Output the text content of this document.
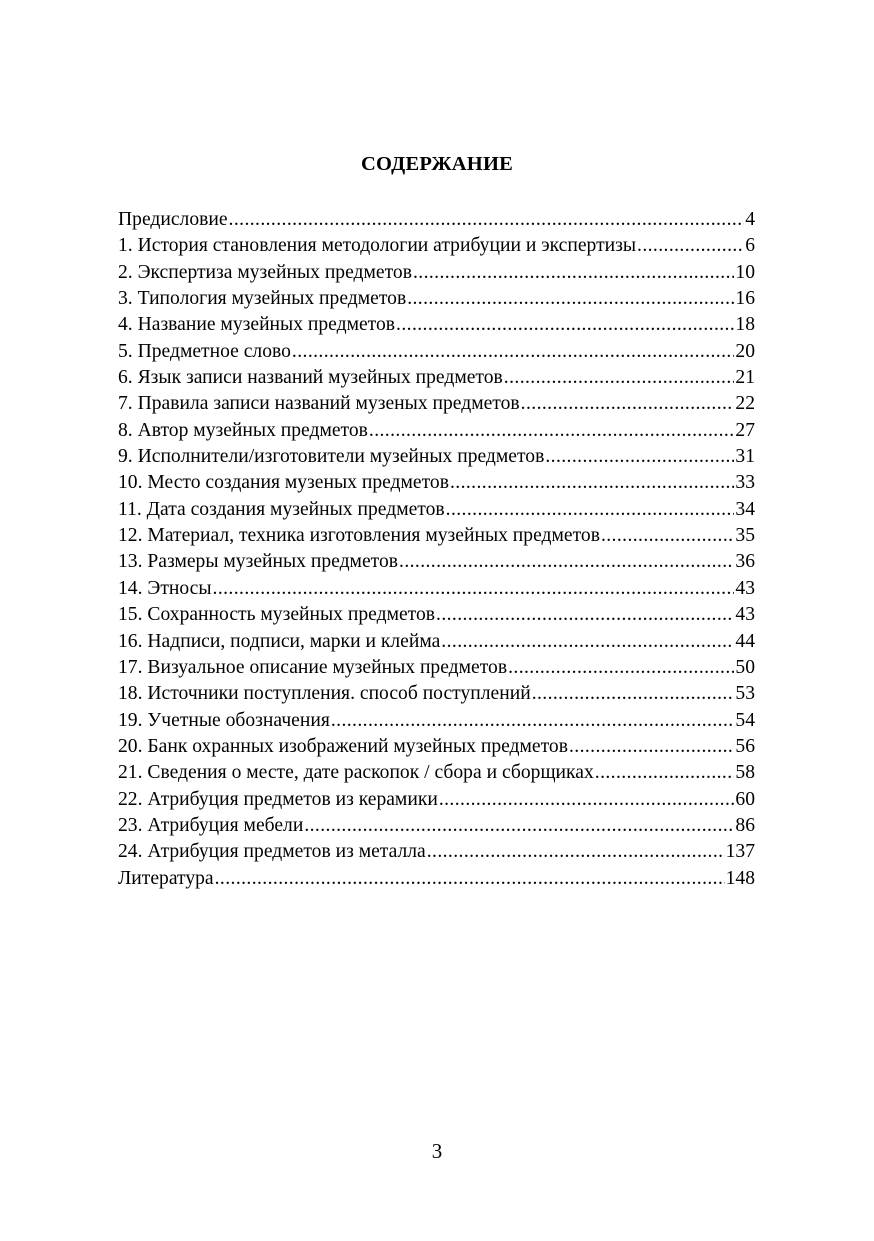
СОДЕРЖАНИЕ
Предисловие .....	4
1. История становления методологии атрибуции и экспертизы .....	6
2. Экспертиза музейных предметов .....	10
3. Типология музейных предметов .....	16
4. Название музейных предметов .....	18
5. Предметное слово .....	20
6. Язык записи названий музейных предметов .....	21
7. Правила записи названий музеных предметов .....	22
8. Автор музейных предметов .....	27
9. Исполнители/изготовители музейных предметов .....	31
10. Место создания музеных предметов .....	33
11. Дата создания музейных предметов .....	34
12. Материал, техника изготовления музейных предметов .....	35
13. Размеры музейных предметов .....	36
14. Этносы .....	43
15. Сохранность музейных предметов .....	43
16. Надписи, подписи, марки и клейма .....	44
17. Визуальное описание музейных предметов .....	50
18. Источники поступления. способ поступлений .....	53
19. Учетные обозначения .....	54
20. Банк охранных изображений музейных предметов .....	56
21. Сведения о месте, дате раскопок / сбора и сборщиках .....	58
22. Атрибуция предметов из керамики .....	60
23. Атрибуция мебели .....	86
24. Атрибуция предметов из металла .....	137
Литература .....	148
3
